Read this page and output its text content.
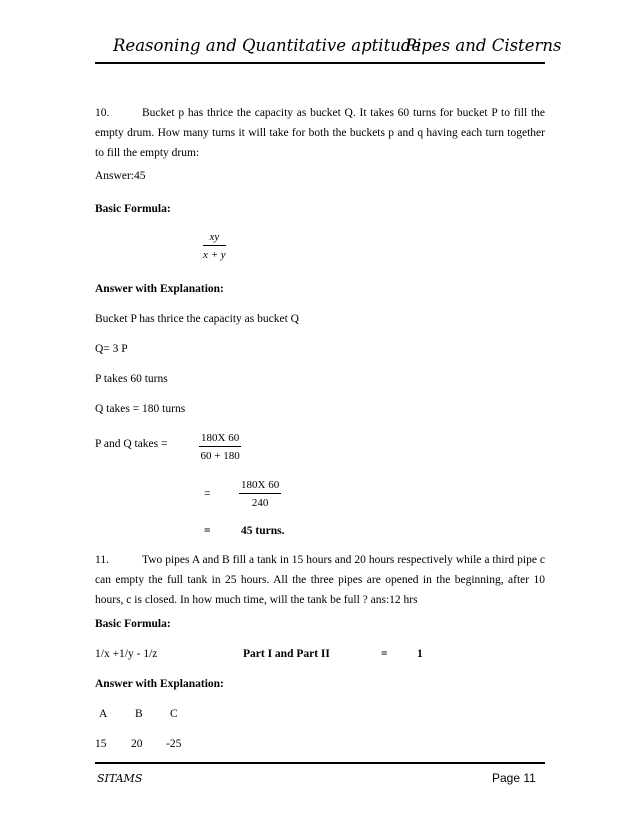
Reasoning and Quantitative aptitude
Pipes and Cisterns
10.	Bucket p has thrice the capacity as bucket Q. It takes 60 turns for bucket P to fill the empty drum. How many turns it will take for both the buckets p and q having each turn together to fill the empty drum:
Answer:45
Basic Formula:
$\frac{xy}{x + y}$
Answer with Explanation:
Bucket P has thrice the capacity as bucket Q
Q= 3 P
P takes 60 turns
Q takes = 180 turns
P and Q takes =	$\frac{180X 60}{60 + 180}$
=	$\frac{180X 60}{240}$
=	45 turns.
11.	Two pipes A and B fill a tank in 15 hours and 20 hours respectively while a third pipe c can empty the full tank in 25 hours. All the three pipes are opened in the beginning, after 10 hours, c is closed. In how much time, will the tank be full ? ans:12 hrs
Basic Formula:
1/x +1/y - 1/z	Part I and Part II	=	1
Answer with Explanation:
A B C
15 20 -25
SITAMS	Page 11
